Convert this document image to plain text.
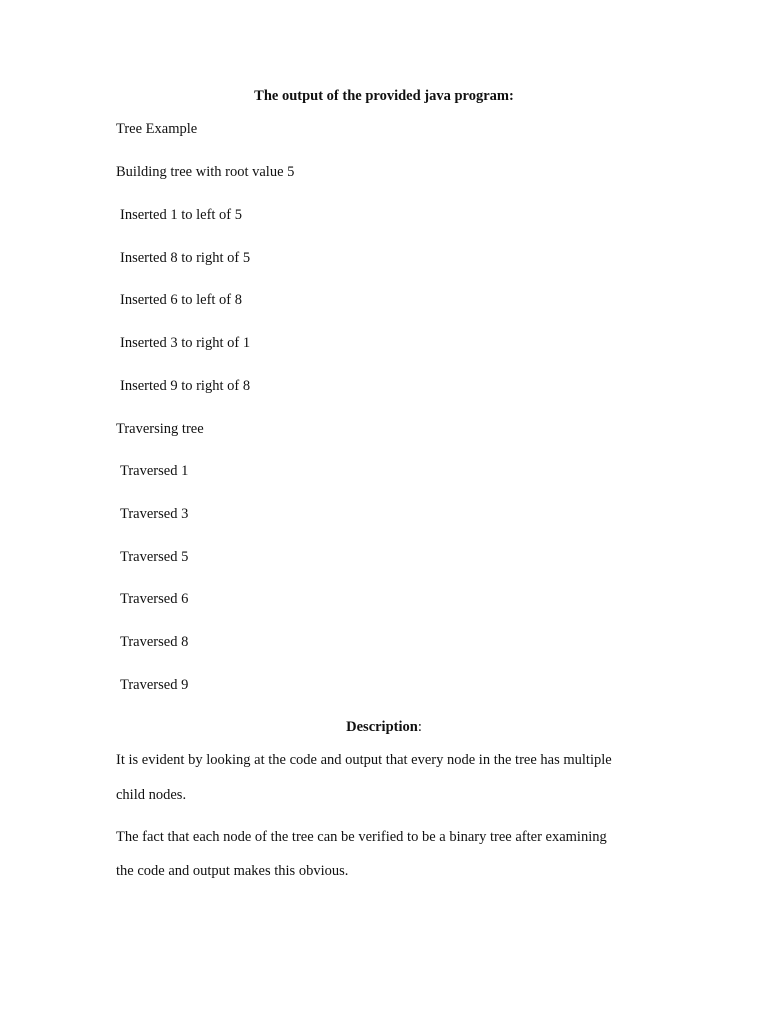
The output of the provided java program:
Tree Example
Building tree with root value 5
Inserted 1 to left of 5
Inserted 8 to right of 5
Inserted 6 to left of 8
Inserted 3 to right of 1
Inserted 9 to right of 8
Traversing tree
Traversed 1
Traversed 3
Traversed 5
Traversed 6
Traversed 8
Traversed 9
Description:
It is evident by looking at the code and output that every node in the tree has multiple
child nodes.
The fact that each node of the tree can be verified to be a binary tree after examining
the code and output makes this obvious.
